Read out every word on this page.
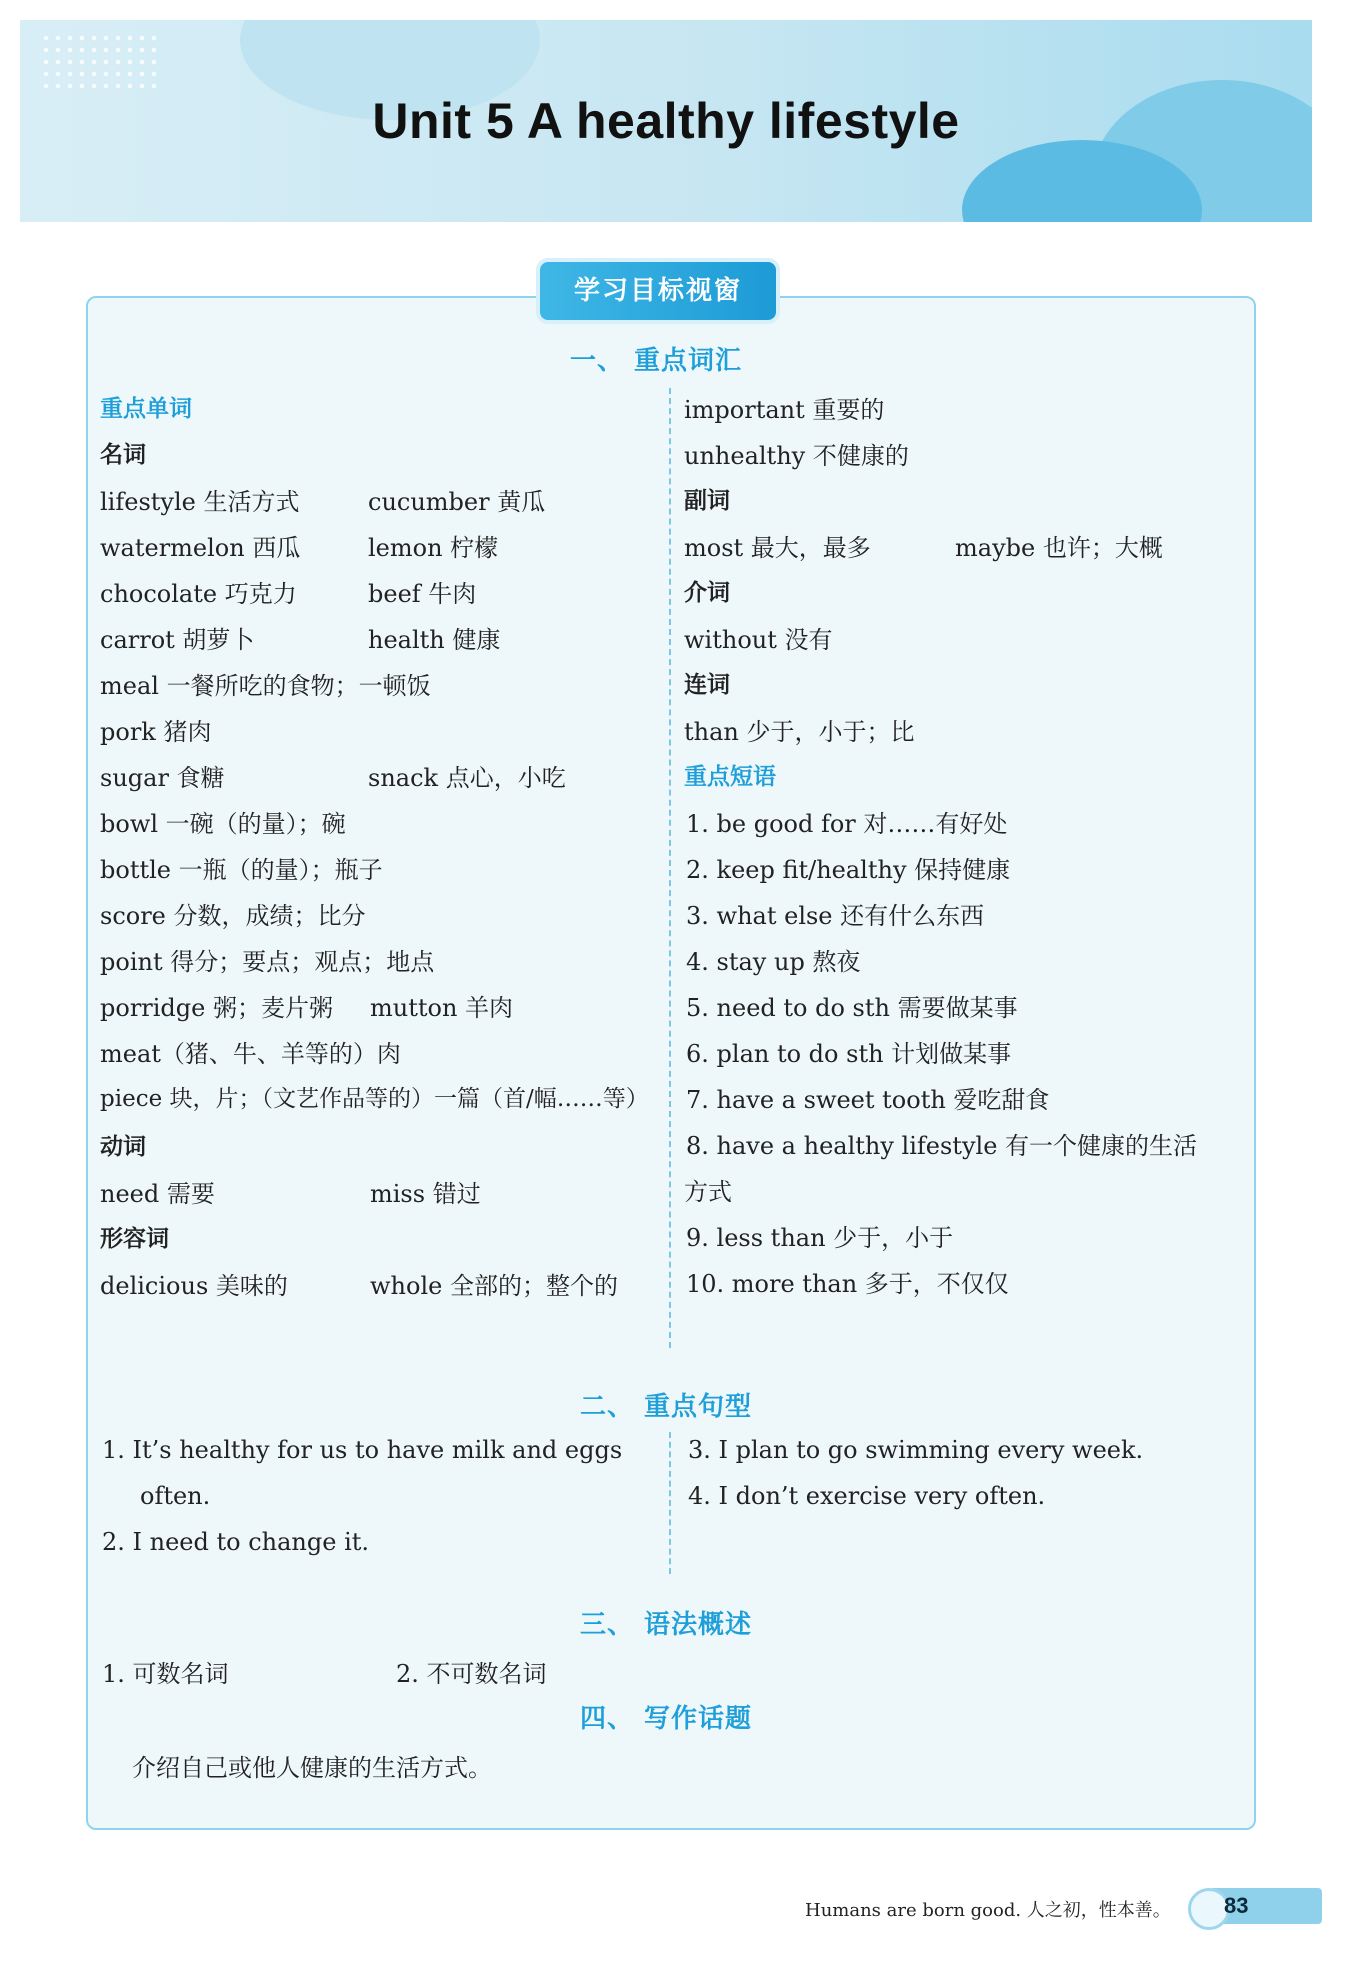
Unit 5 A healthy lifestyle
学习目标视窗
一、 重点词汇
重点单词
名词
lifestyle 生活方式	cucumber 黄瓜
watermelon 西瓜	lemon 柠檬
chocolate 巧克力	beef 牛肉
carrot 胡萝卜	health 健康
meal 一餐所吃的食物；一顿饭
pork 猪肉
sugar 食糖	snack 点心，小吃
bowl 一碗（的量）；碗
bottle 一瓶（的量）；瓶子
score 分数，成绩；比分
point 得分；要点；观点；地点
porridge 粥；麦片粥 mutton 羊肉
meat（猪、牛、羊等的）肉
piece 块，片；（文艺作品等的）一篇（首/幅……等）
动词
need 需要	miss 错过
形容词
delicious 美味的	whole 全部的；整个的
important 重要的
unhealthy 不健康的
副词
most 最大，最多	maybe 也许；大概
介词
without 没有
连词
than 少于，小于；比
重点短语
1. be good for 对……有好处
2. keep fit/healthy 保持健康
3. what else 还有什么东西
4. stay up 熬夜
5. need to do sth 需要做某事
6. plan to do sth 计划做某事
7. have a sweet tooth 爱吃甜食
8. have a healthy lifestyle 有一个健康的生活
方式
9. less than 少于，小于
10. more than 多于，不仅仅
二、 重点句型
1. It’s healthy for us to have milk and eggs
often.
2. I need to change it.
3. I plan to go swimming every week.
4. I don’t exercise very often.
三、 语法概述
1. 可数名词	2. 不可数名词
四、 写作话题
介绍自己或他人健康的生活方式。
Humans are born good. 人之初，性本善。 83
